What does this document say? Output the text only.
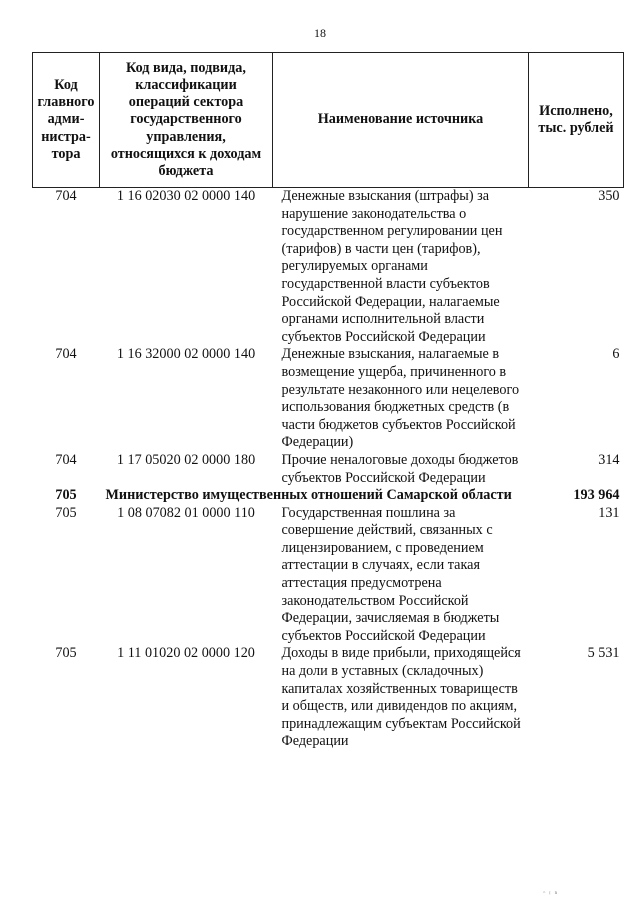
18
Код главного администратора	Код вида, подвида, классификации операций сектора государственного управления, относящихся к доходам бюджета	Наименование источника	Исполнено, тыс. рублей
704	1 16 02030 02 0000 140	Денежные взыскания (штрафы) за нарушение законодательства о государственном регулировании цен (тарифов) в части цен (тарифов), регулируемых органами государственной власти субъектов Российской Федерации, налагаемые органами исполнительной власти субъектов Российской Федерации	350
704	1 16 32000 02 0000 140	Денежные взыскания, налагаемые в возмещение ущерба, причиненного в результате незаконного или нецелевого использования бюджетных средств (в части бюджетов субъектов Российской Федерации)	6
704	1 17 05020 02 0000 180	Прочие неналоговые доходы бюджетов субъектов Российской Федерации	314
705	Министерство имущественных отношений Самарской области		193 964
705	1 08 07082 01 0000 110	Государственная пошлина за совершение действий, связанных с лицензированием, с проведением аттестации в случаях, если такая аттестация предусмотрена законодательством Российской Федерации, зачисляемая в бюджеты субъектов Российской Федерации	131
705	1 11 01020 02 0000 120	Доходы в виде прибыли, приходящейся на доли в уставных (складочных) капиталах хозяйственных товариществ и обществ, или дивидендов по акциям, принадлежащим субъектам Российской Федерации	5 531
ᵔ ᵎ ⁿ
